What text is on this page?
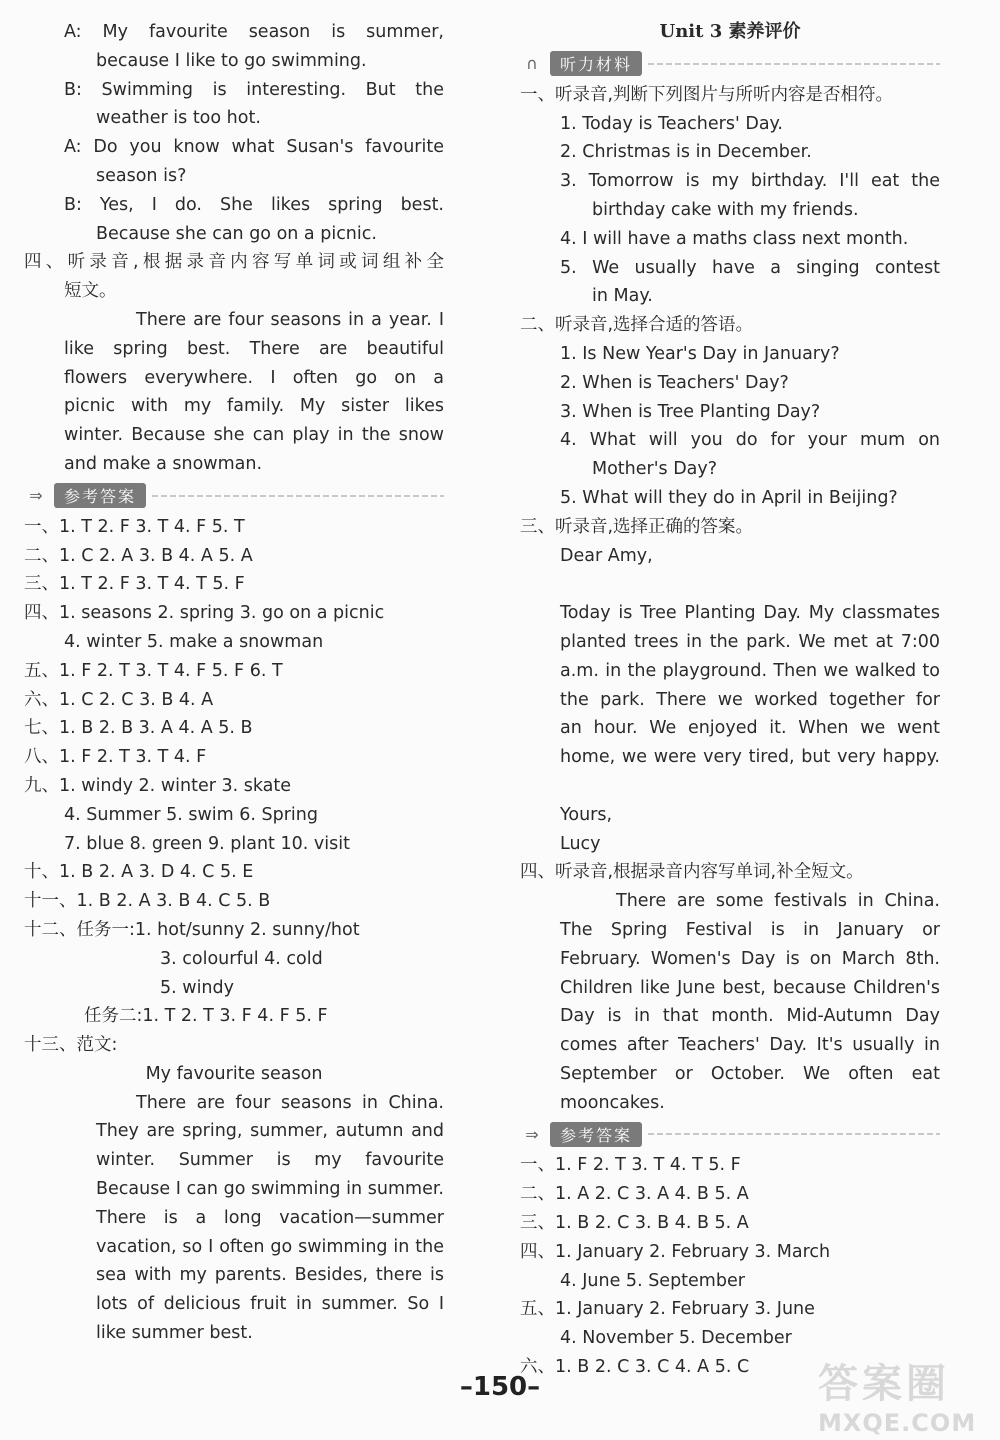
A: My favourite season is summer,
because I like to go swimming.
B: Swimming is interesting. But the
weather is too hot.
A: Do you know what Susan's favourite
season is?
B: Yes, I do. She likes spring best.
Because she can go on a picnic.
四、听录音,根据录音内容写单词或词组补全
短文。
There are four seasons in a year. I
like spring best. There are beautiful
flowers everywhere. I often go on a
picnic with my family. My sister likes
winter. Because she can play in the snow
and make a snowman.
⇒	参考答案
一、1. T 2. F 3. T 4. F 5. T
二、1. C 2. A 3. B 4. A 5. A
三、1. T 2. F 3. T 4. T 5. F
四、1. seasons 2. spring 3. go on a picnic
4. winter 5. make a snowman
五、1. F 2. T 3. T 4. F 5. F 6. T
六、1. C 2. C 3. B 4. A
七、1. B 2. B 3. A 4. A 5. B
八、1. F 2. T 3. T 4. F
九、1. windy 2. winter 3. skate
4. Summer 5. swim 6. Spring
7. blue 8. green 9. plant 10. visit
十、1. B 2. A 3. D 4. C 5. E
十一、1. B 2. A 3. B 4. C 5. B
十二、任务一:1. hot/sunny 2. sunny/hot
3. colourful 4. cold
5. windy
任务二:1. T 2. T 3. F 4. F 5. F
十三、范文:
My favourite season
There are four seasons in China.
They are spring, summer, autumn and
winter. Summer is my favourite
Because I can go swimming in summer.
There is a long vacation—summer
vacation, so I often go swimming in the
sea with my parents. Besides, there is
lots of delicious fruit in summer. So I
like summer best.
Unit 3 素养评价
∩	听力材料
一、听录音,判断下列图片与所听内容是否相符。
1. Today is Teachers' Day.
2. Christmas is in December.
3. Tomorrow is my birthday. I'll eat the
birthday cake with my friends.
4. I will have a maths class next month.
5. We usually have a singing contest
in May.
二、听录音,选择合适的答语。
1. Is New Year's Day in January?
2. When is Teachers' Day?
3. When is Tree Planting Day?
4. What will you do for your mum on
Mother's Day?
5. What will they do in April in Beijing?
三、听录音,选择正确的答案。
Dear Amy,
Today is Tree Planting Day. My classmates
planted trees in the park. We met at 7:00
a.m. in the playground. Then we walked to
the park. There we worked together for
an hour. We enjoyed it. When we went
home, we were very tired, but very happy.
Yours,
Lucy
四、听录音,根据录音内容写单词,补全短文。
There are some festivals in China.
The Spring Festival is in January or
February. Women's Day is on March 8th.
Children like June best, because Children's
Day is in that month. Mid-Autumn Day
comes after Teachers' Day. It's usually in
September or October. We often eat
mooncakes.
⇒	参考答案
一、1. F 2. T 3. T 4. T 5. F
二、1. A 2. C 3. A 4. B 5. A
三、1. B 2. C 3. B 4. B 5. A
四、1. January 2. February 3. March
4. June 5. September
五、1. January 2. February 3. June
4. November 5. December
六、1. B 2. C 3. C 4. A 5. C
–150–	答案圈
MXQE.COM
